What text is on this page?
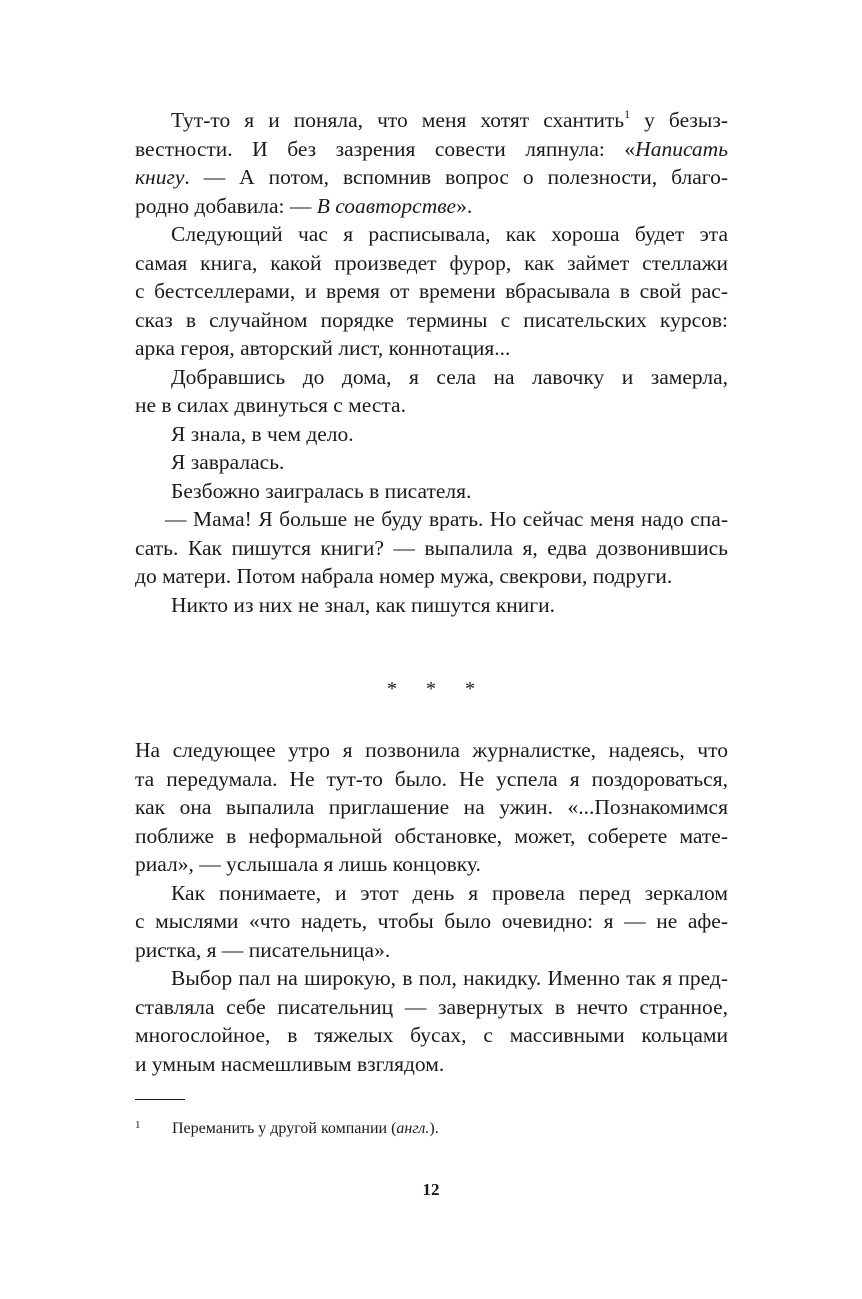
Тут-то я и поняла, что меня хотят схантить$^1$ у безыз-
вестности. И без зазрения совести ляпнула: «Написать
книгу. — А потом, вспомнив вопрос о полезности, благо-
родно добавила: — В соавторстве».
Следующий час я расписывала, как хороша будет эта
самая книга, какой произведет фурор, как займет стеллажи
с бестселлерами, и время от времени вбрасывала в свой рас-
сказ в случайном порядке термины с писательских курсов:
арка героя, авторский лист, коннотация...
Добравшись до дома, я села на лавочку и замерла,
не в силах двинуться с места.
Я знала, в чем дело.
Я завралась.
Безбожно заигралась в писателя.
— Мама! Я больше не буду врать. Но сейчас меня надо спа-
сать. Как пишутся книги? — выпалила я, едва дозвонившись
до матери. Потом набрала номер мужа, свекрови, подруги.
Никто из них не знал, как пишутся книги.
* * *
На следующее утро я позвонила журналистке, надеясь, что
та передумала. Не тут-то было. Не успела я поздороваться,
как она выпалила приглашение на ужин. «...Познакомимся
поближе в неформальной обстановке, может, соберете мате-
риал», — услышала я лишь концовку.
Как понимаете, и этот день я провела перед зеркалом
с мыслями «что надеть, чтобы было очевидно: я — не афе-
ристка, я — писательница».
Выбор пал на широкую, в пол, накидку. Именно так я пред-
ставляла себе писательниц — завернутых в нечто странное,
многослойное, в тяжелых бусах, с массивными кольцами
и умным насмешливым взглядом.
1 Переманить у другой компании (англ.).
12
